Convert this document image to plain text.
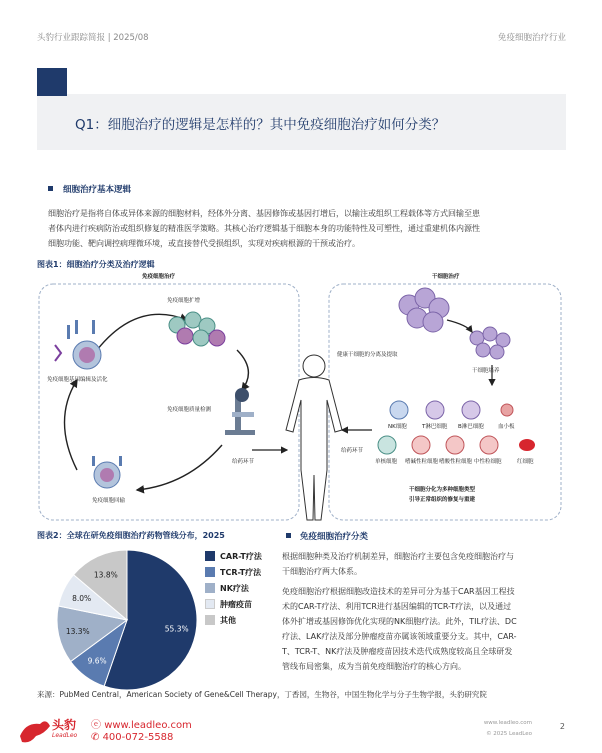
头豹行业跟踪简报 | 2025/08	免疫细胞治疗行业
Q1：细胞治疗的逻辑是怎样的？其中免疫细胞治疗如何分类？
细胞治疗基本逻辑
细胞治疗是指将自体或异体来源的细胞材料，经体外分离、基因修饰或基因打增后，以输注或组织工程载体等方式回输至患
者体内进行疾病防治或组织修复的精准医学策略。其核心治疗逻辑基于细胞本身的功能特性及可塑性，通过重建机体内源性
细胞功能、靶向调控病理微环境，或直接替代受损组织，实现对疾病根源的干预或治疗。
图表1：细胞治疗分类及治疗逻辑
免疫细胞治疗	干细胞治疗
免疫细胞扩增
免疫细胞基因编辑及活化
免疫细胞质量检测
免疫细胞回输
给药环节
给药环节
健康干细胞的分离及提取
干细胞培养
NK细胞	T淋巴细胞 B淋巴细胞	血小板
单核细胞 嗜碱性粒细胞 嗜酸性粒细胞 中性粒细胞	红细胞
干细胞分化为多种细胞类型
引导正常组织的修复与重建
图表2：全球在研免疫细胞治疗药物管线分布，2025
55.3%
9.6%
13.3%
8.0%
13.8%
CAR-T疗法
TCR-T疗法
NK疗法
肿瘤疫苗
其他
免疫细胞治疗分类
根据细胞种类及治疗机制差异，细胞治疗主要包含免疫细胞治疗与
干细胞治疗两大体系。
免疫细胞治疗根据细胞改造技术的差异可分为基于CAR基因工程技
术的CAR-T疗法、利用TCR进行基因编辑的TCR-T疗法，以及通过
体外扩增或基因修饰优化实现的NK细胞疗法。此外，TIL疗法、DC
疗法、LAK疗法及部分肿瘤疫苗亦属该领域重要分支。其中，CAR-
T、TCR-T、NK疗法及肿瘤疫苗因技术迭代成熟度较高且全球研发
管线布局密集，成为当前免疫细胞治疗的核心方向。
来源：PubMed Central，American Society of Gene&Cell Therapy，丁香园，生物谷，中国生物化学与分子生物学报，头豹研究院
头豹
LeadLeo
ⓔ www.leadleo.com
✆ 400-072-5588
www.leadleo.com
© 2025 LeadLeo
2
